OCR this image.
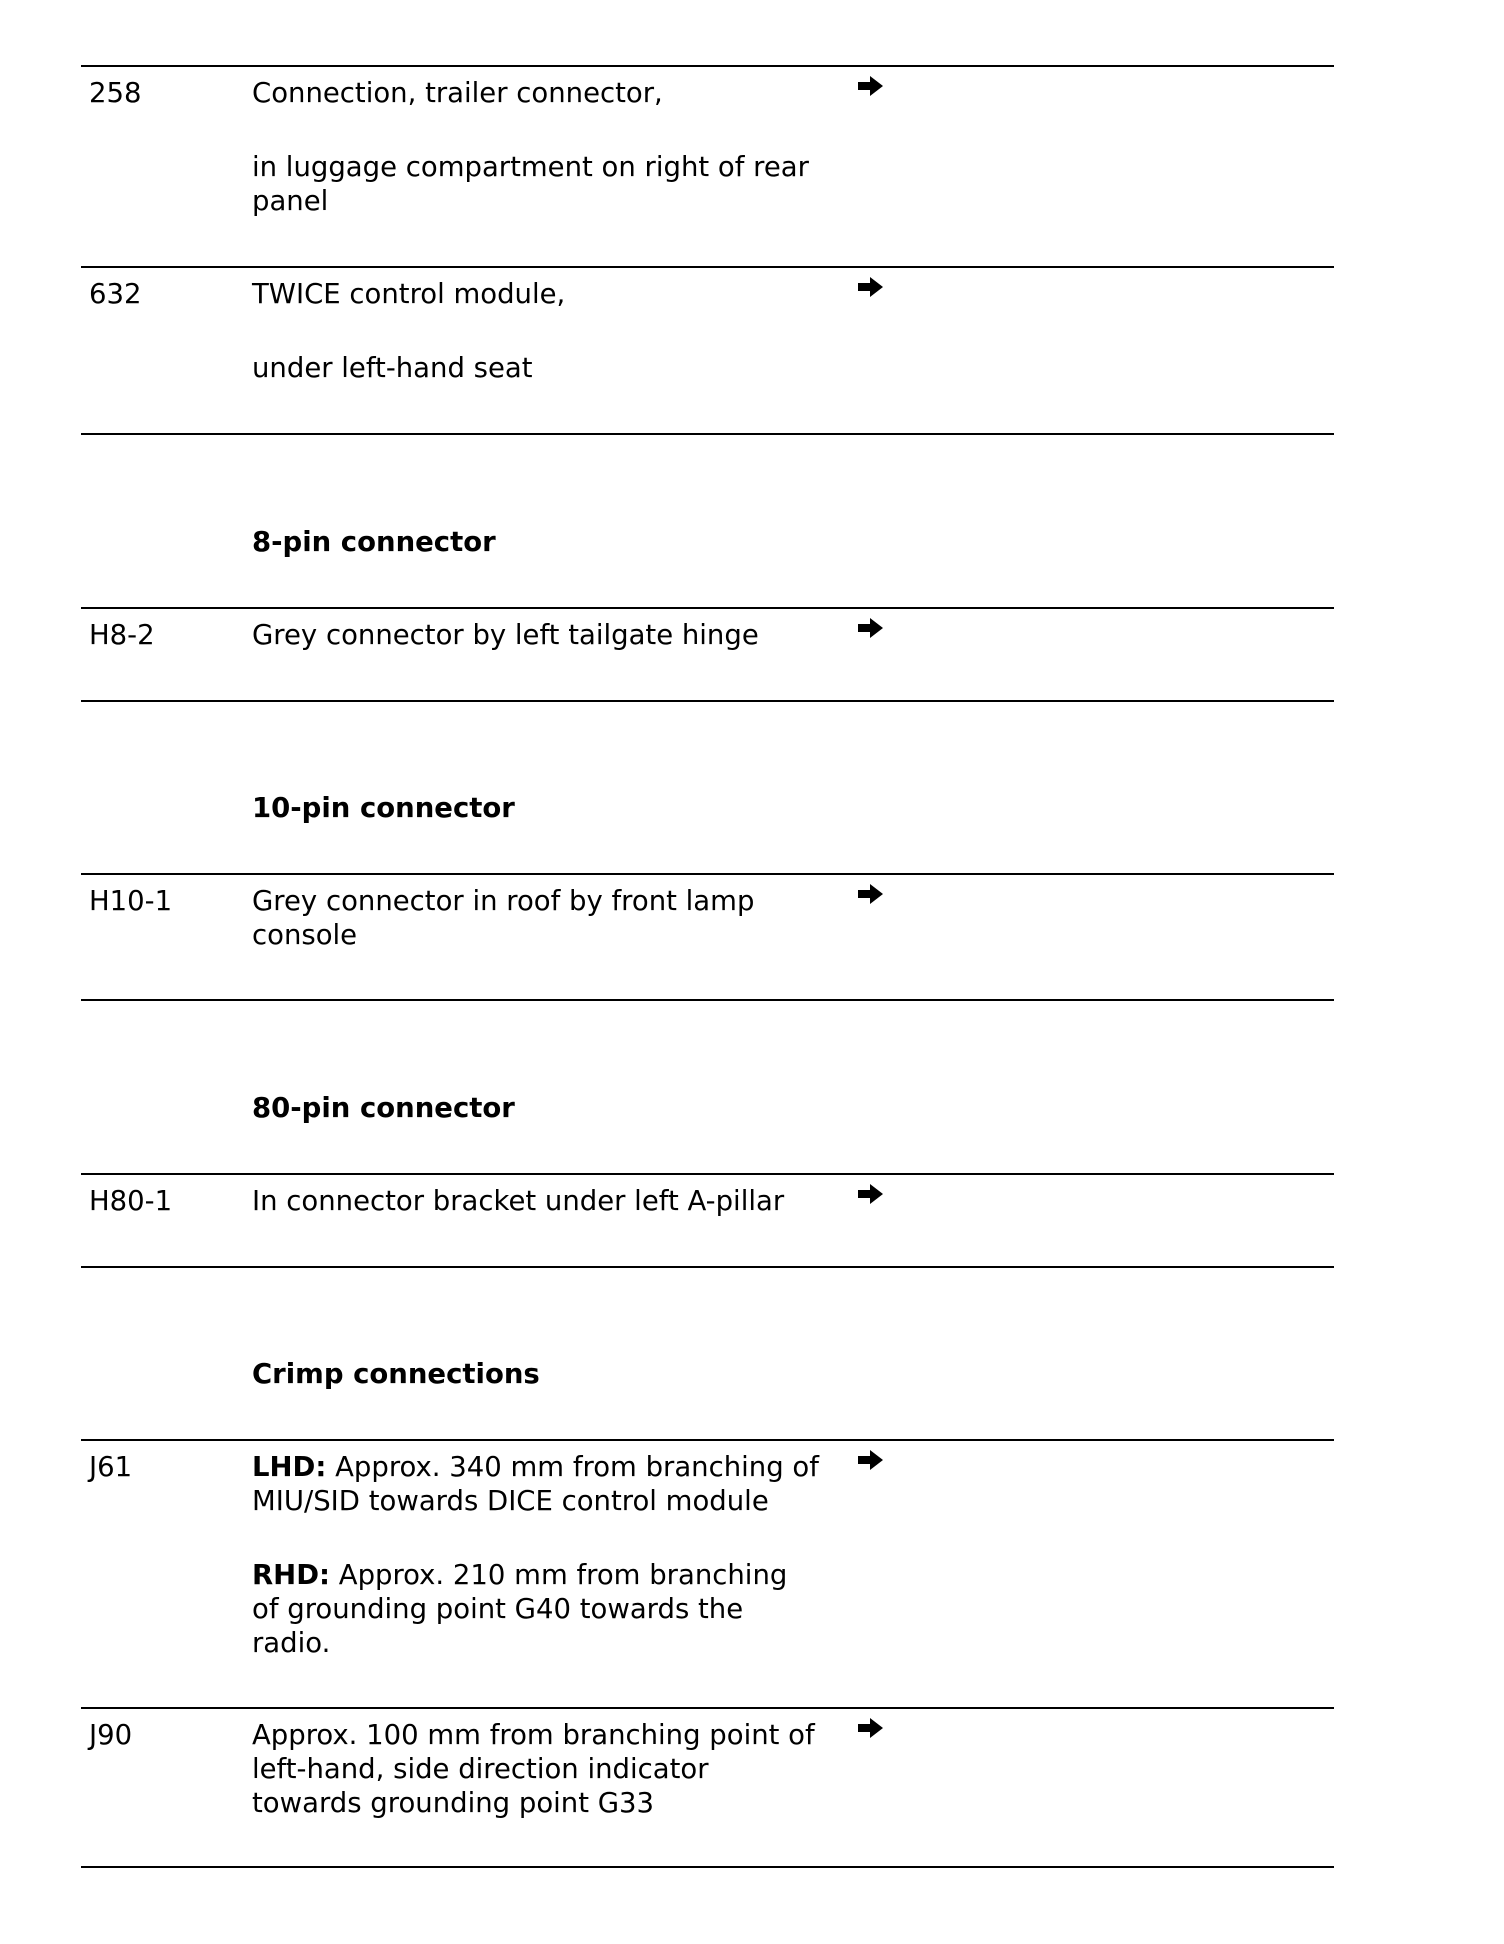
258	Connection, trailer connector,
in luggage compartment on right of rear
panel
632	TWICE control module,
under left-hand seat
8-pin connector
H8-2	Grey connector by left tailgate hinge
10-pin connector
H10-1	Grey connector in roof by front lamp
console
80-pin connector
H80-1	In connector bracket under left A-pillar
Crimp connections
J61	LHD: Approx. 340 mm from branching of
MIU/SID towards DICE control module
RHD: Approx. 210 mm from branching
of grounding point G40 towards the
radio.
J90	Approx. 100 mm from branching point of
left-hand, side direction indicator
towards grounding point G33
